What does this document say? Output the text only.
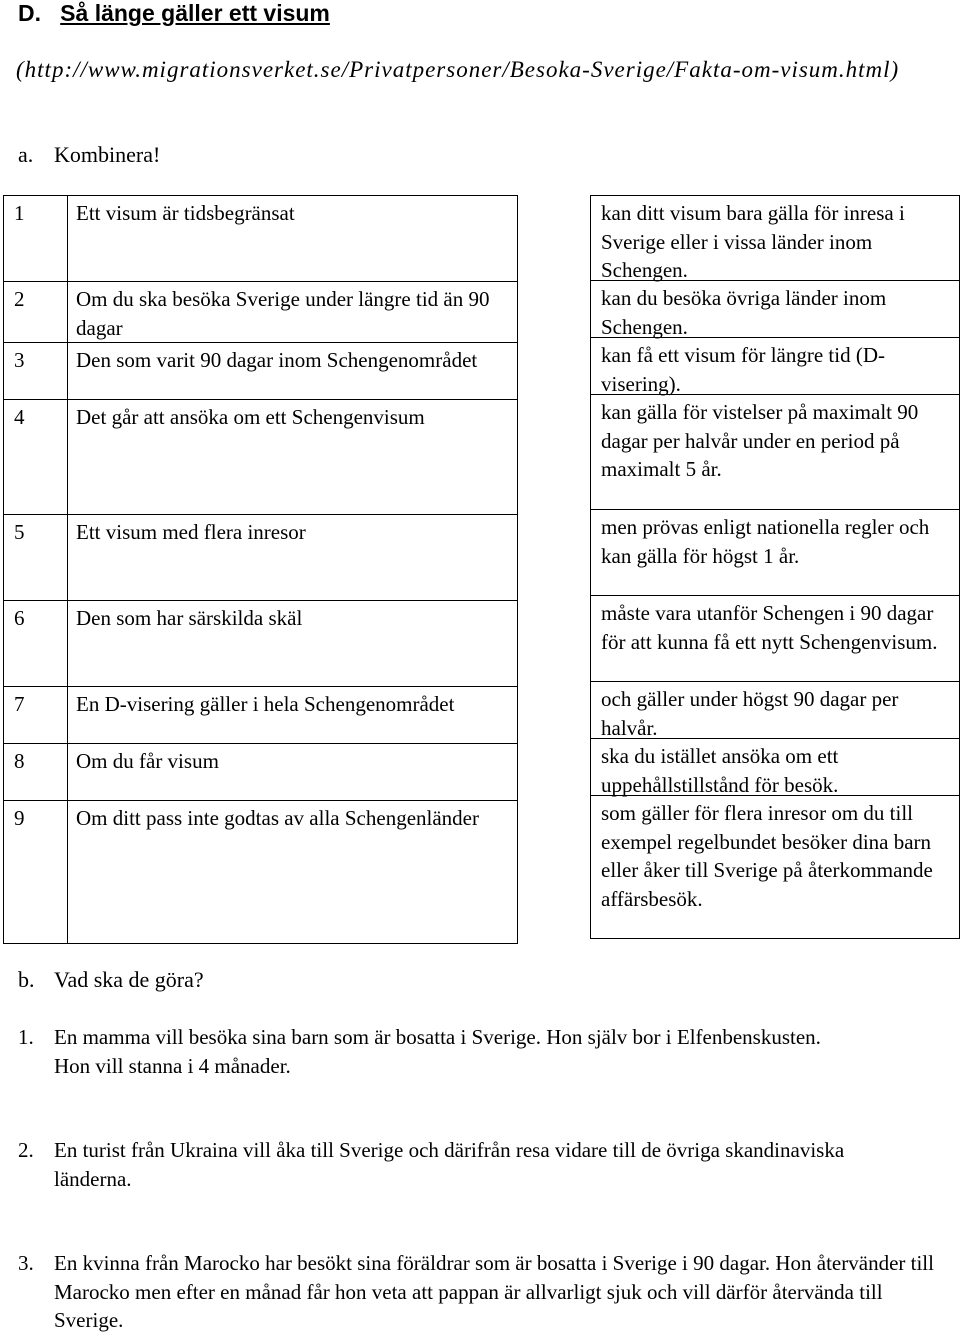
D. Så länge gäller ett visum
(http://www.migrationsverket.se/Privatpersoner/Besoka-Sverige/Fakta-om-visum.html)
a. Kombinera!
1	Ett visum är tidsbegränsat
2	Om du ska besöka Sverige under längre tid än 90 dagar
3	Den som varit 90 dagar inom Schengenområdet
4	Det går att ansöka om ett Schengenvisum
5	Ett visum med flera inresor
6	Den som har särskilda skäl
7	En D-visering gäller i hela Schengenområdet
8	Om du får visum
9	Om ditt pass inte godtas av alla Schengenländer
kan ditt visum bara gälla för inresa i Sverige eller i vissa länder inom Schengen.
kan du besöka övriga länder inom Schengen.
kan få ett visum för längre tid (D-visering).
kan gälla för vistelser på maximalt 90 dagar per halvår under en period på maximalt 5 år.
men prövas enligt nationella regler och kan gälla för högst 1 år.
måste vara utanför Schengen i 90 dagar för att kunna få ett nytt Schengenvisum.
och gäller under högst 90 dagar per halvår.
ska du istället ansöka om ett uppehållstillstånd för besök.
som gäller för flera inresor om du till exempel regelbundet besöker dina barn eller åker till Sverige på återkommande affärsbesök.
b. Vad ska de göra?
1. En mamma vill besöka sina barn som är bosatta i Sverige. Hon själv bor i Elfenbenskusten. Hon vill stanna i 4 månader.
2. En turist från Ukraina vill åka till Sverige och därifrån resa vidare till de övriga skandinaviska länderna.
3. En kvinna från Marocko har besökt sina föräldrar som är bosatta i Sverige i 90 dagar. Hon återvänder till Marocko men efter en månad får hon veta att pappan är allvarligt sjuk och vill därför återvända till Sverige.
